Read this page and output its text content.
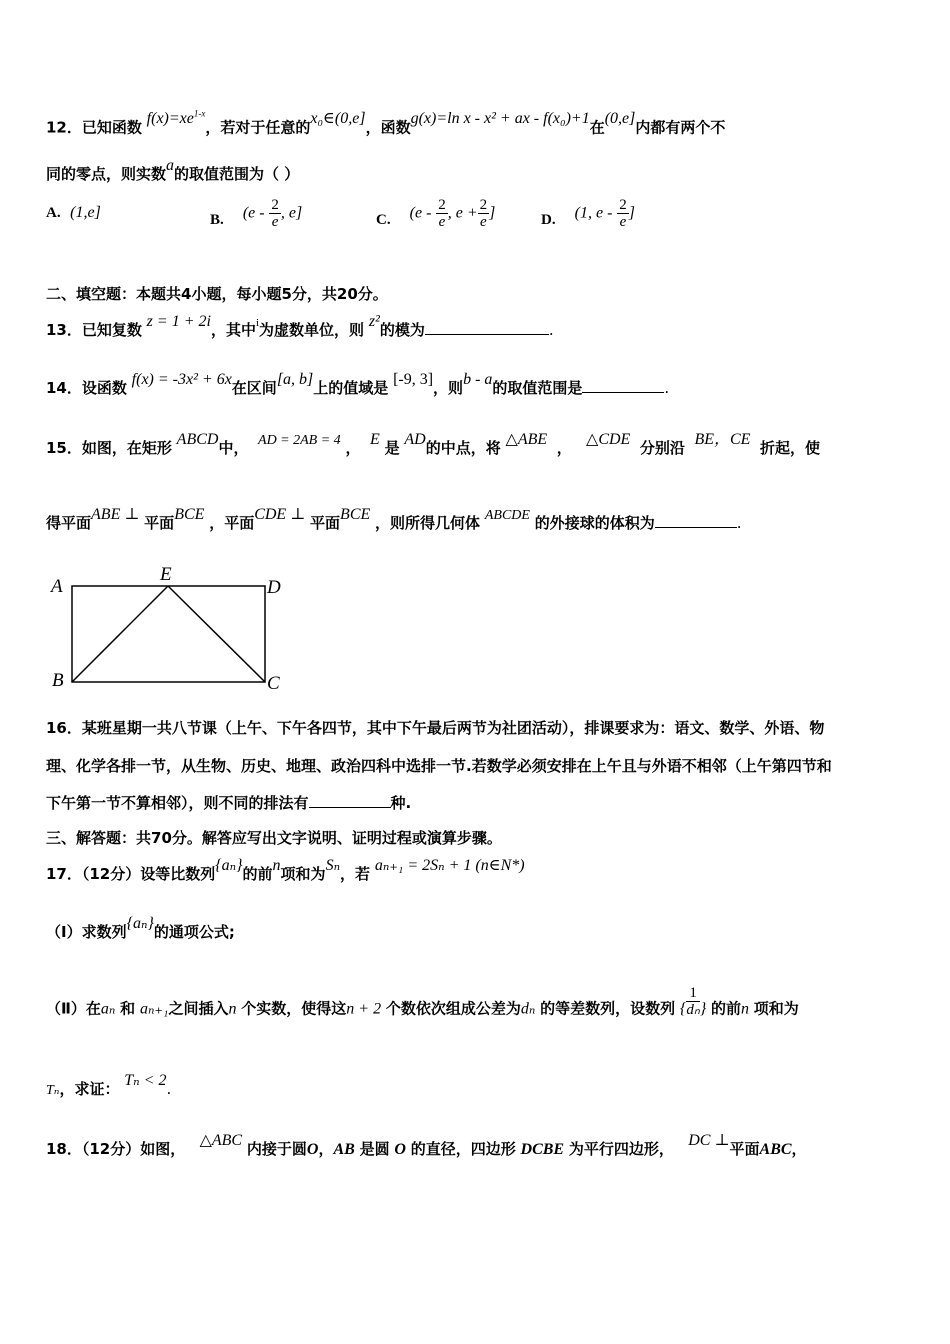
12．已知函数 $f(x)=xe^{1-x}$，若对于任意的x₀∈(0,e]，函数g(x)=ln x - x² + ax - f(x₀)+1在(0,e]内都有两个不
同的零点，则实数a的取值范围为（ ）
A. (1,e]	B. ($e - \frac{2}{e}$ , e]	C. ($e - \frac{2}{e}$ , $e + \frac{2}{e}$ ]	D. (1, e - $\frac{2}{e}$ ]
二、填空题：本题共4小题，每小题5分，共20分。
13．已知复数 z = 1 + 2i，其中$^i$为虚数单位，则 z²的模为	.
14．设函数 f(x) = -3x² + 6x在区间[a, b]上的值域是 [-9, 3]，则b - a的取值范围是	.
15．如图，在矩形 ABCD中， AD = 2AB = 4 ， E 是 AD的中点，将 △ABE ， △CDE 分别沿 BE，CE 折起，使
得平面ABE ⊥ 平面BCE ，平面CDE ⊥ 平面BCE ，则所得几何体 ABCDE 的外接球的体积为	.
A
E
D
B	C
16．某班星期一共八节课（上午、下午各四节，其中下午最后两节为社团活动），排课要求为：语文、数学、外语、物
理、化学各排一节，从生物、历史、地理、政治四科中选排一节.若数学必须安排在上午且与外语不相邻（上午第四节和
下午第一节不算相邻），则不同的排法有	种.
三、解答题：共70分。解答应写出文字说明、证明过程或演算步骤。
17．（12分）设等比数列{aₙ}的前n项和为Sₙ，若 aₙ₊₁ = 2Sₙ + 1 (n∈N*)
（Ⅰ）求数列{aₙ}的通项公式;
（Ⅱ）在aₙ 和 aₙ₊₁之间插入n 个实数，使得这n + 2 个数依次组成公差为dₙ 的等差数列，设数列 { $\frac{1}{\text{dₙ}}$ } 的前n 项和为
Tₙ，求证： Tₙ < 2.
18．（12分）如图， △ABC 内接于圆O，AB 是圆 O 的直径，四边形 DCBE 为平行四边形， DC ⊥平面ABC，
